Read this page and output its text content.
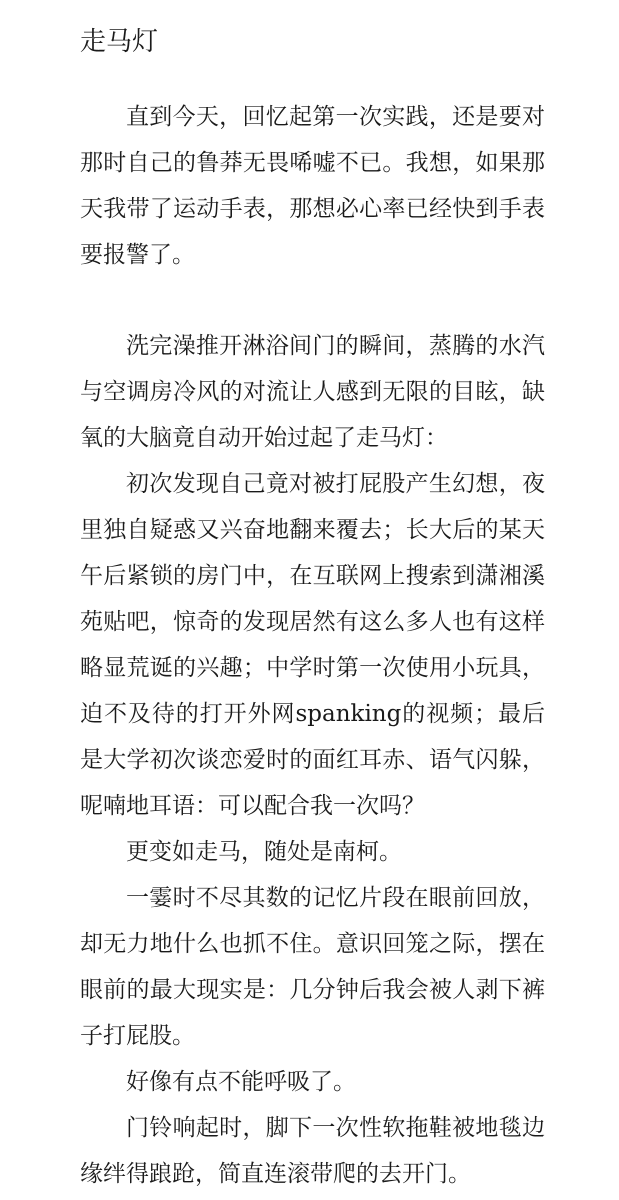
走马灯

直到今天，回忆起第一次实践，还是要对那时自己的鲁莽无畏唏嘘不已。我想，如果那天我带了运动手表，那想必心率已经快到手表要报警了。

洗完澡推开淋浴间门的瞬间，蒸腾的水汽与空调房冷风的对流让人感到无限的目眩，缺氧的大脑竟自动开始过起了走马灯：

初次发现自己竟对被打屁股产生幻想，夜里独自疑惑又兴奋地翻来覆去；长大后的某天午后紧锁的房门中，在互联网上搜索到潇湘溪苑贴吧，惊奇的发现居然有这么多人也有这样略显荒诞的兴趣；中学时第一次使用小玩具，迫不及待的打开外网spanking的视频；最后是大学初次谈恋爱时的面红耳赤、语气闪躲，呢喃地耳语：可以配合我一次吗？

更变如走马，随处是南柯。

一霎时不尽其数的记忆片段在眼前回放，却无力地什么也抓不住。意识回笼之际，摆在眼前的最大现实是：几分钟后我会被人剥下裤子打屁股。

好像有点不能呼吸了。

门铃响起时，脚下一次性软拖鞋被地毯边缘绊得踉跄，简直连滚带爬的去开门。
